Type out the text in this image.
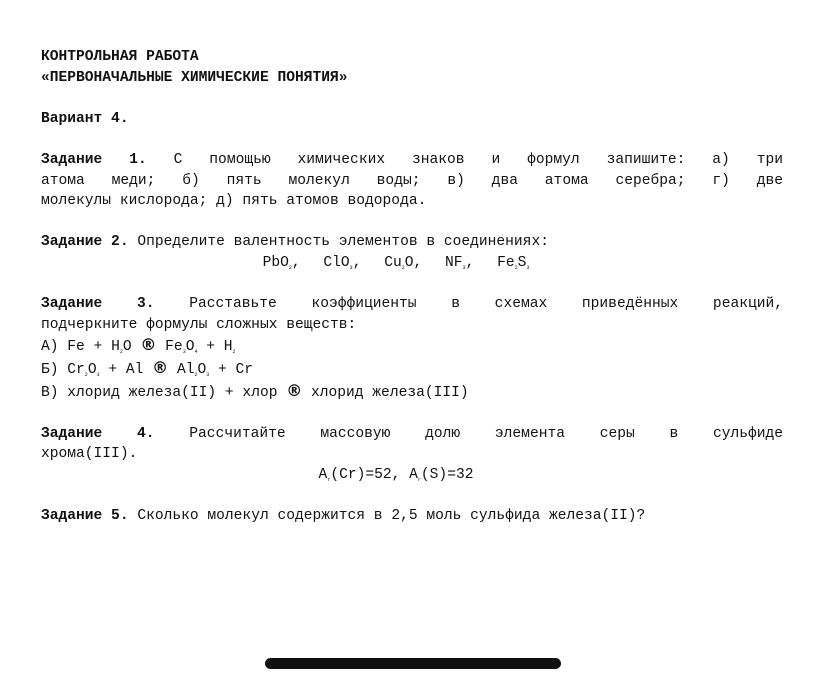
КОНТРОЛЬНАЯ РАБОТА
«ПЕРВОНАЧАЛЬНЫЕ ХИМИЧЕСКИЕ ПОНЯТИЯ»
Вариант 4.
Задание 1. С помощью химических знаков и формул запишите: а) три
атома меди; б) пять молекул воды; в) два атома серебра; г) две
молекулы кислорода; д) пять атомов водорода.
Задание 2. Определите валентность элементов в соединениях:
PbO$_2$, ClO$_3$, $Cu_2O$, $NF_3$, $Fe_2S_3$
Задание 3. Расставьте коэффициенты в схемах приведённых реакций,
подчеркните формулы сложных веществ:
А) $Fe + H_2O$ ® $Fe_3O_4 + H_2$
Б) $Cr_2O_3 + Al$ ® $Al_2O_3 + Cr$
В) хлорид железа(II) + хлор ® хлорид железа(III)
Задание 4. Рассчитайте массовую долю элемента серы в сульфиде
хрома(III).
$A_r(Cr)=52$, $A_r(S)=32$
Задание 5. Сколько молекул содержится в 2,5 моль сульфида железа(II)?
